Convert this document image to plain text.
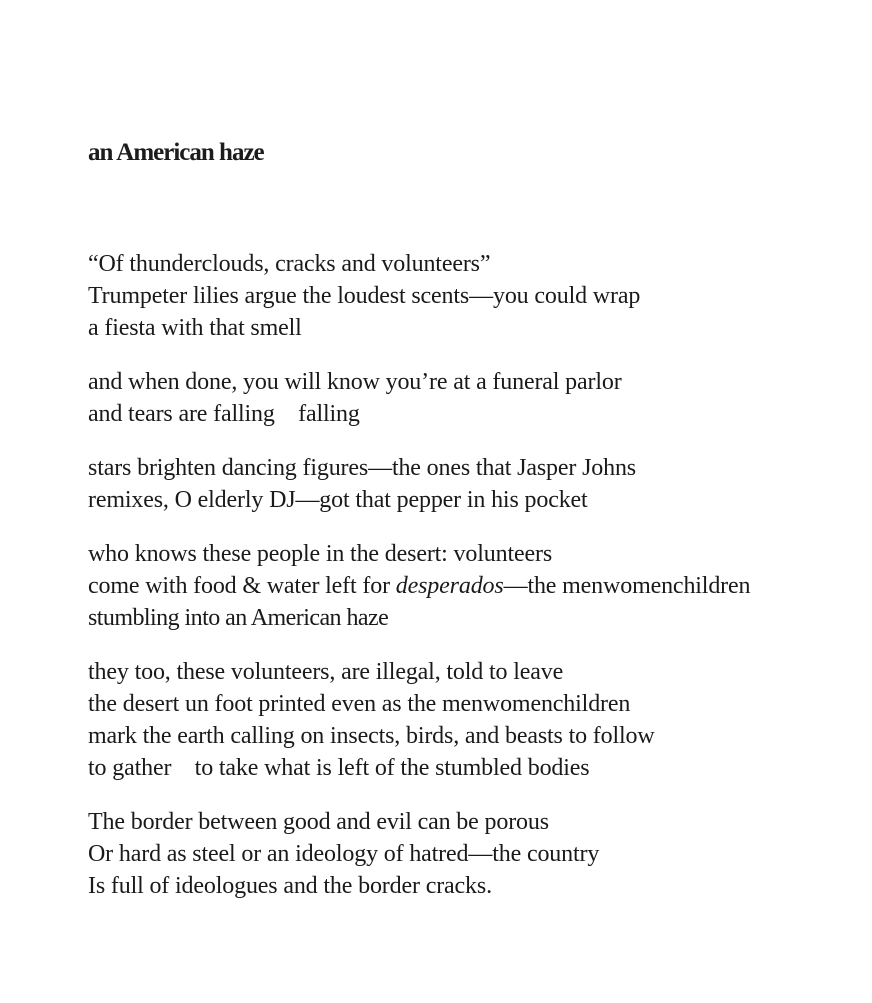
an American haze
“Of thunderclouds, cracks and volunteers”
Trumpeter lilies argue the loudest scents—you could wrap
a fiesta with that smell
and when done, you will know you’re at a funeral parlor
and tears are falling    falling
stars brighten dancing figures—the ones that Jasper Johns
remixes, O elderly DJ—got that pepper in his pocket
who knows these people in the desert: volunteers
come with food & water left for desperados—the menwomenchildren
stumbling into an American haze
they too, these volunteers, are illegal, told to leave
the desert un foot printed even as the menwomenchildren
mark the earth calling on insects, birds, and beasts to follow
to gather    to take what is left of the stumbled bodies
The border between good and evil can be porous
Or hard as steel or an ideology of hatred—the country
Is full of ideologues and the border cracks.
